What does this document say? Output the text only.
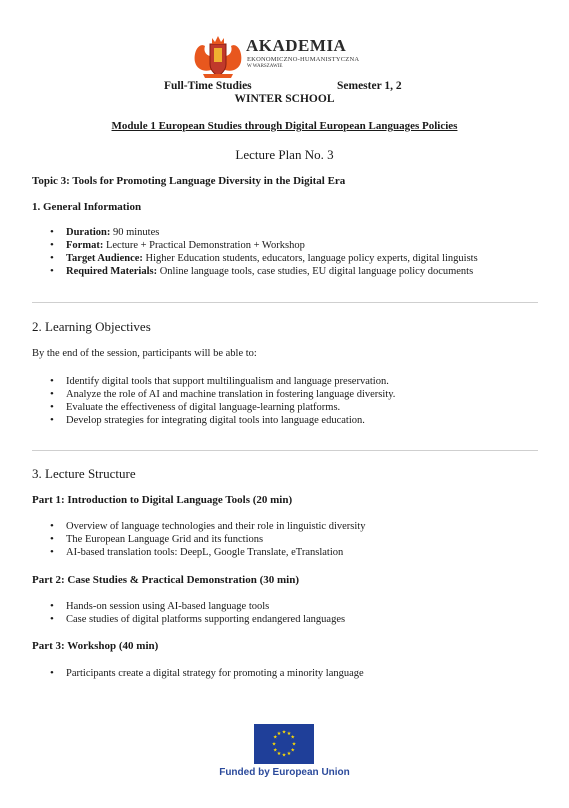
AKADEMIA
EKONOMICZNO-HUMANISTYCZNA
W WARSZAWIE
Full-Time Studies	Semester 1, 2
WINTER SCHOOL
Module 1 European Studies through Digital European Languages Policies
Lecture Plan No. 3
Topic 3: Tools for Promoting Language Diversity in the Digital Era
1. General Information
• Duration: 90 minutes
• Format: Lecture + Practical Demonstration + Workshop
• Target Audience: Higher Education students, educators, language policy experts, digital linguists
• Required Materials: Online language tools, case studies, EU digital language policy documents
2. Learning Objectives
By the end of the session, participants will be able to:
• Identify digital tools that support multilingualism and language preservation.
• Analyze the role of AI and machine translation in fostering language diversity.
• Evaluate the effectiveness of digital language-learning platforms.
• Develop strategies for integrating digital tools into language education.
3. Lecture Structure
Part 1: Introduction to Digital Language Tools (20 min)
• Overview of language technologies and their role in linguistic diversity
• The European Language Grid and its functions
• AI-based translation tools: DeepL, Google Translate, eTranslation
Part 2: Case Studies & Practical Demonstration (30 min)
• Hands-on session using AI-based language tools
• Case studies of digital platforms supporting endangered languages
Part 3: Workshop (40 min)
• Participants create a digital strategy for promoting a minority language
★ ★
★
★
★
★
★
★
★
★
★
★
Funded by European Union
